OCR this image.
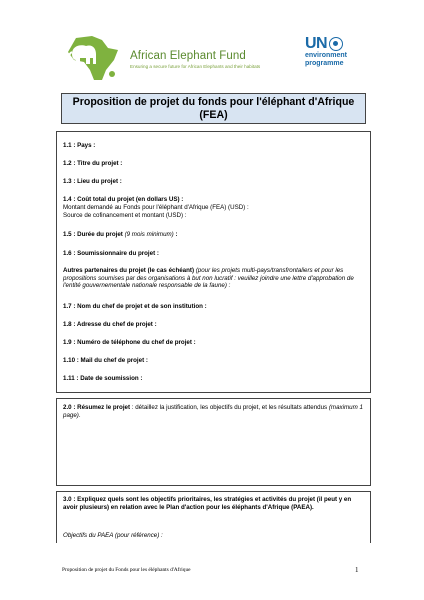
African Elephant Fund
Ensuring a secure future for African Elephants and their habitats
UN
environment
programme
Proposition de projet du fonds pour l'éléphant d'Afrique (FEA)
1.1 : Pays :
1.2 : Titre du projet :
1.3 : Lieu du projet :
1.4 : Coût total du projet (en dollars US) :
Montant demandé au Fonds pour l'éléphant d'Afrique (FEA) (USD) :
Source de cofinancement et montant (USD) :
1.5 : Durée du projet (9 mois minimum) :
1.6 : Soumissionnaire du projet :
Autres partenaires du projet (le cas échéant) (pour les projets multi-pays/transfrontaliers et pour les propositions soumises par des organisations à but non lucratif : veuillez joindre une lettre d'approbation de l'entité gouvernementale nationale responsable de la faune) :
1.7 : Nom du chef de projet et de son institution :
1.8 : Adresse du chef de projet :
1.9 : Numéro de téléphone du chef de projet :
1.10 : Mail du chef de projet :
1.11 : Date de soumission :
2.0 : Résumez le projet : détaillez la justification, les objectifs du projet, et les résultats attendus (maximum 1 page).
3.0 : Expliquez quels sont les objectifs prioritaires, les stratégies et activités du projet (il peut y en avoir plusieurs) en relation avec le Plan d'action pour les éléphants d'Afrique (PAEA).
Objectifs du PAEA (pour référence) :
Proposition de projet du Fonds pour les éléphants d'Afrique	1
